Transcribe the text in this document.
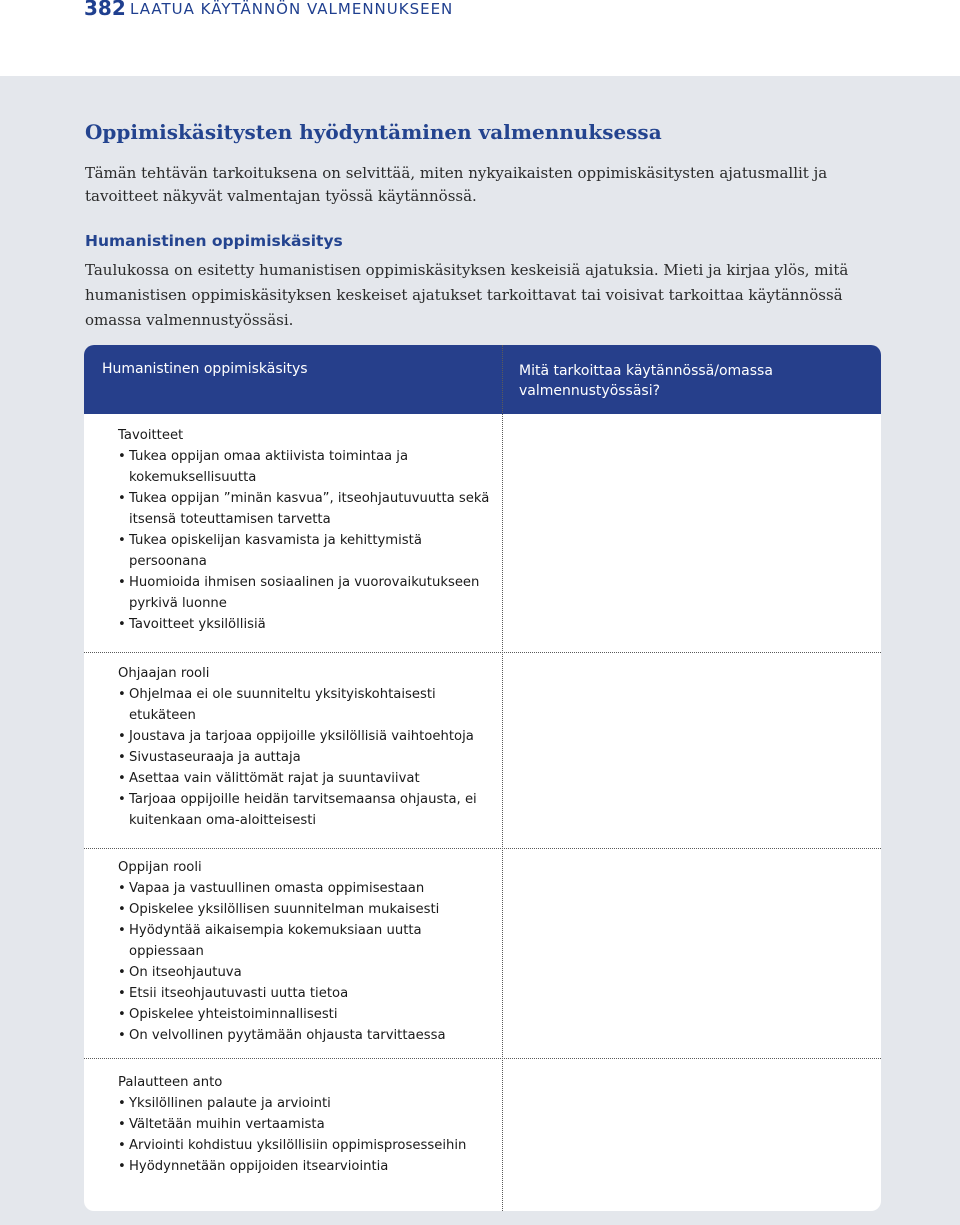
382 LAATUA KÄYTÄNNÖN VALMENNUKSEEN
Oppimiskäsitysten hyödyntäminen valmennuksessa
Tämän tehtävän tarkoituksena on selvittää, miten nykyaikaisten oppimiskäsitysten ajatusmallit ja tavoitteet näkyvät valmentajan työssä käytännössä.
Humanistinen oppimiskäsitys
Taulukossa on esitetty humanistisen oppimiskäsityksen keskeisiä ajatuksia. Mieti ja kirjaa ylös, mitä humanistisen oppimiskäsityksen keskeiset ajatukset tarkoittavat tai voisivat tarkoittaa käytännössä omassa valmennustyössäsi.
Humanistinen oppimiskäsitys	Mitä tarkoittaa käytännössä/omassa valmennustyössäsi?
Tavoitteet
• Tukea oppijan omaa aktiivista toimintaa ja kokemuksellisuutta
• Tukea oppijan ”minän kasvua”, itseohjautuvuutta sekä itsensä toteuttamisen tarvetta
• Tukea opiskelijan kasvamista ja kehittymistä persoonana
• Huomioida ihmisen sosiaalinen ja vuorovaikutukseen pyrkivä luonne
• Tavoitteet yksilöllisiä
Ohjaajan rooli
• Ohjelmaa ei ole suunniteltu yksityiskohtaisesti etukäteen
• Joustava ja tarjoaa oppijoille yksilöllisiä vaihtoehtoja
• Sivustaseuraaja ja auttaja
• Asettaa vain välittömät rajat ja suuntaviivat
• Tarjoaa oppijoille heidän tarvitsemaansa ohjausta, ei kuitenkaan oma-aloitteisesti
Oppijan rooli
• Vapaa ja vastuullinen omasta oppimisestaan
• Opiskelee yksilöllisen suunnitelman mukaisesti
• Hyödyntää aikaisempia kokemuksiaan uutta oppiessaan
• On itseohjautuva
• Etsii itseohjautuvasti uutta tietoa
• Opiskelee yhteistoiminnallisesti
• On velvollinen pyytämään ohjausta tarvittaessa
Palautteen anto
• Yksilöllinen palaute ja arviointi
• Vältetään muihin vertaamista
• Arviointi kohdistuu yksilöllisiin oppimisprosesseihin
• Hyödynnetään oppijoiden itsearviointia
